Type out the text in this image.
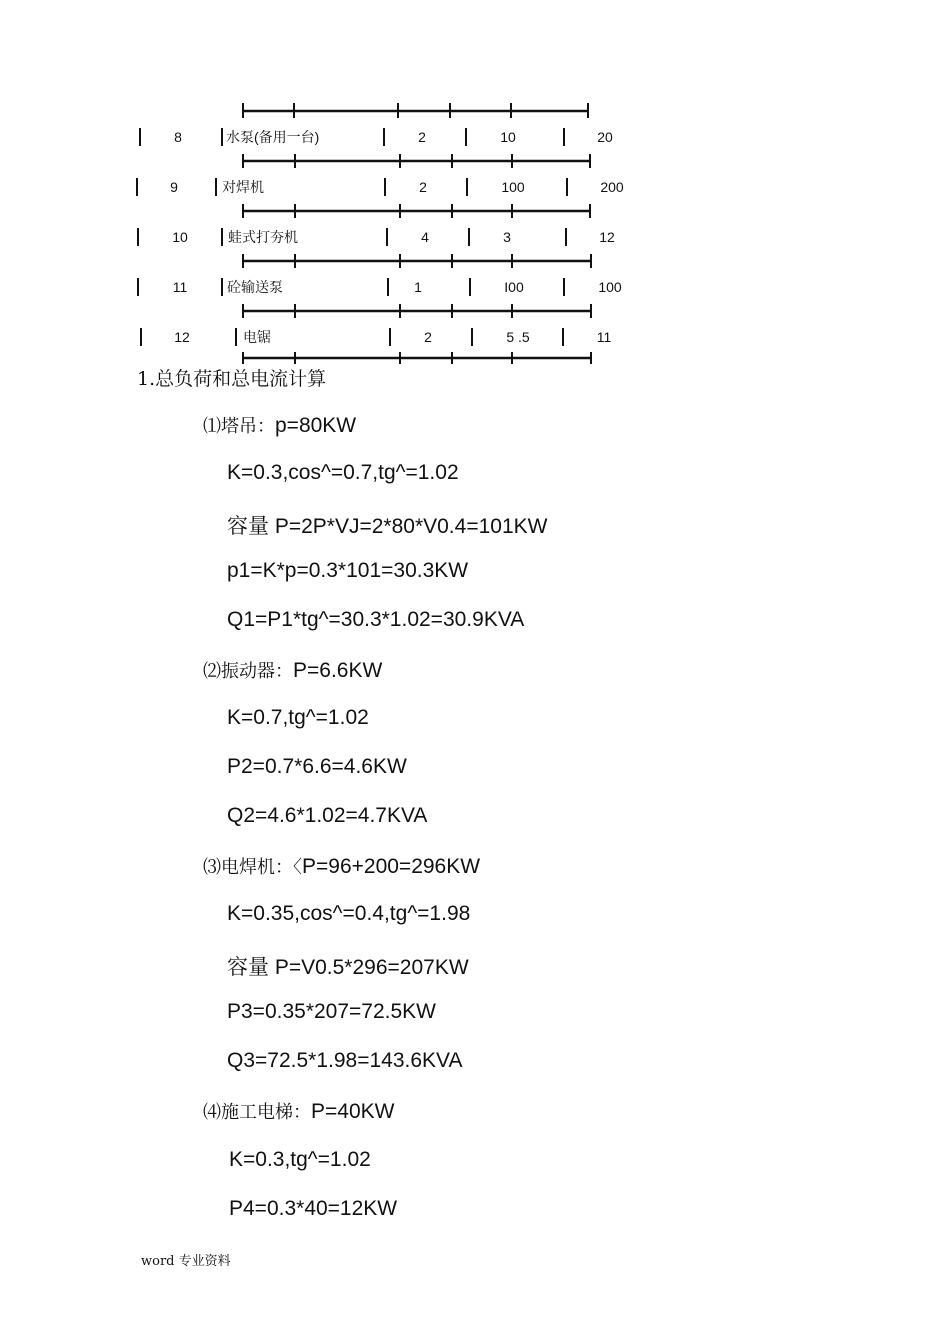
8	水泵(备用一台)	2	10	20
9	对焊机	2	100	200
10	蛙式打夯机	4	3	12
11	砼输送泵	1	I00	100
12	电锯	2	5 .5	11
1.总负荷和总电流计算
⑴塔吊：p=80KW
K=0.3,cos^=0.7,tg^=1.02
容量 P=2P*VJ=2*80*V0.4=101KW
p1=K*p=0.3*101=30.3KW
Q1=P1*tg^=30.3*1.02=30.9KVA
⑵振动器：P=6.6KW
K=0.7,tg^=1.02
P2=0.7*6.6=4.6KW
Q2=4.6*1.02=4.7KVA
⑶电焊机：〈P=96+200=296KW
K=0.35,cos^=0.4,tg^=1.98
容量 P=V0.5*296=207KW
P3=0.35*207=72.5KW
Q3=72.5*1.98=143.6KVA
⑷施工电梯：P=40KW
K=0.3,tg^=1.02
P4=0.3*40=12KW
word 专业资料
